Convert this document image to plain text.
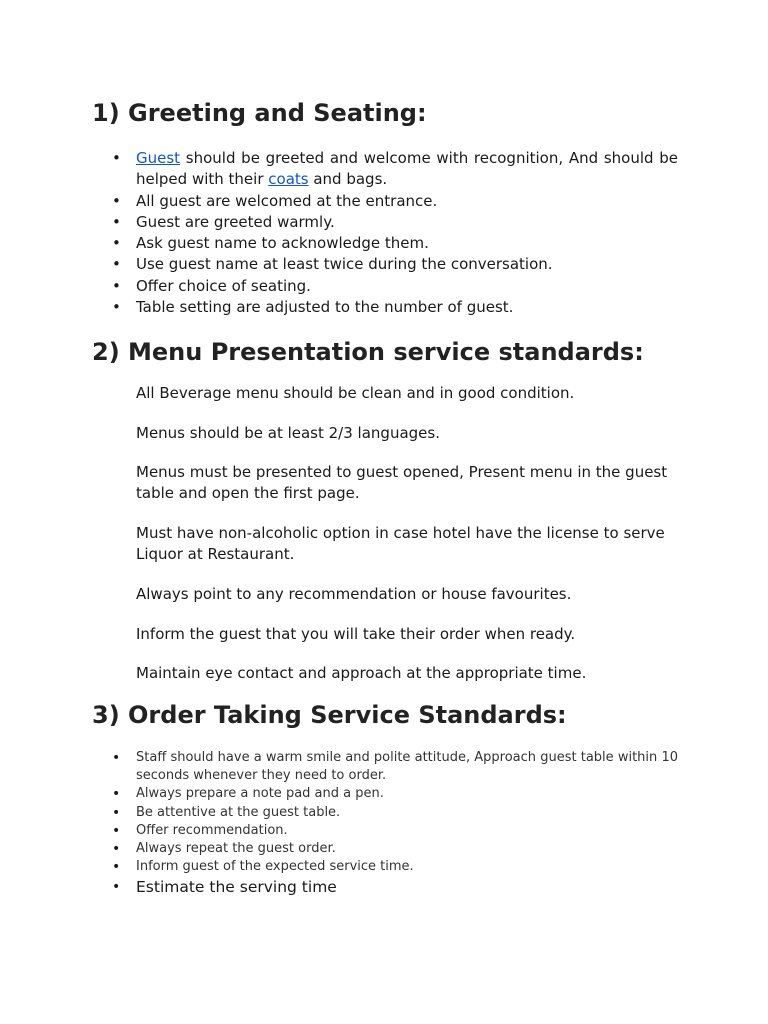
1) Greeting and Seating:
• Guest should be greeted and welcome with recognition, And should be helped with their coats and bags.
• All guest are welcomed at the entrance.
• Guest are greeted warmly.
• Ask guest name to acknowledge them.
• Use guest name at least twice during the conversation.
• Offer choice of seating.
• Table setting are adjusted to the number of guest.
2) Menu Presentation service standards:

All Beverage menu should be clean and in good condition.

Menus should be at least 2/3 languages.

Menus must be presented to guest opened, Present menu in the guest table and open the first page.

Must have non-alcoholic option in case hotel have the license to serve Liquor at Restaurant.

Always point to any recommendation or house favourites.

Inform the guest that you will take their order when ready.

Maintain eye contact and approach at the appropriate time.

3) Order Taking Service Standards:
• Staff should have a warm smile and polite attitude, Approach guest table within 10 seconds whenever they need to order.
• Always prepare a note pad and a pen.
• Be attentive at the guest table.
• Offer recommendation.
• Always repeat the guest order.
• Inform guest of the expected service time.
• Estimate the serving time
